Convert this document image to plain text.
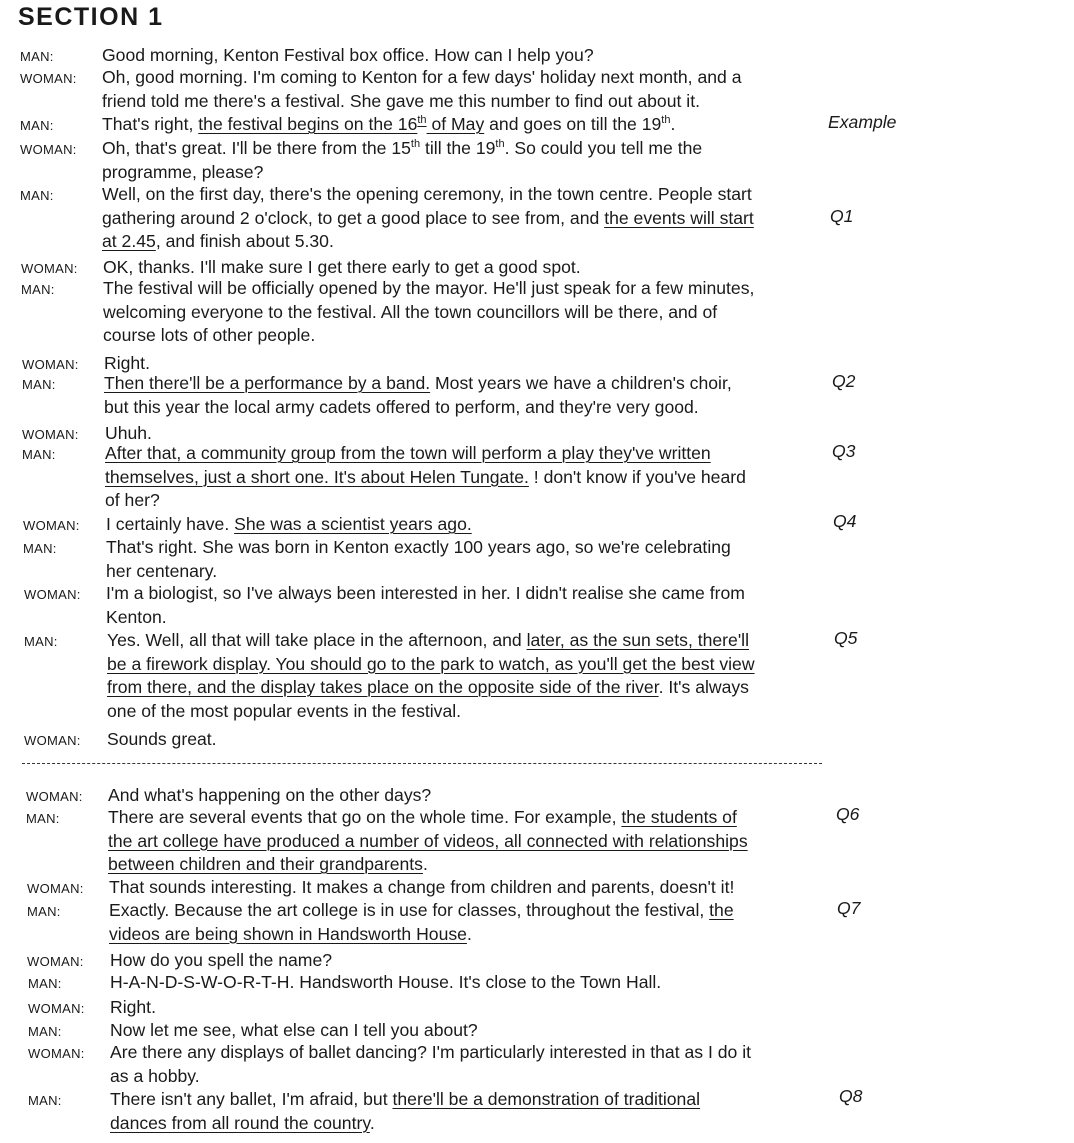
SECTION 1
MAN:	Good morning, Kenton Festival box office. How can I help you?
WOMAN: Oh, good morning. I'm coming to Kenton for a few days' holiday next month, and a
friend told me there's a festival. She gave me this number to find out about it.
MAN:	That's right, the festival begins on the 16th of May and goes on till the 19th.
WOMAN: Oh, that's great. I'll be there from the 15th till the 19th. So could you tell me the
programme, please?
MAN:	Well, on the first day, there's the opening ceremony, in the town centre. People start
gathering around 2 o'clock, to get a good place to see from, and the events will start
at 2.45, and finish about 5.30.
WOMAN: OK, thanks. I'll make sure I get there early to get a good spot.
MAN:	The festival will be officially opened by the mayor. He'll just speak for a few minutes,
welcoming everyone to the festival. All the town councillors will be there, and of
course lots of other people.
WOMAN: Right.
MAN:	Then there'll be a performance by a band. Most years we have a children's choir,
but this year the local army cadets offered to perform, and they're very good.
WOMAN: Uhuh.
MAN:	After that, a community group from the town will perform a play they've written
themselves, just a short one. It's about Helen Tungate. ! don't know if you've heard
of her?
WOMAN: I certainly have. She was a scientist years ago.
MAN:	That's right. She was born in Kenton exactly 100 years ago, so we're celebrating
her centenary.
WOMAN: I'm a biologist, so I've always been interested in her. I didn't realise she came from
Kenton.
MAN:	Yes. Well, all that will take place in the afternoon, and later, as the sun sets, there'll
be a firework display. You should go to the park to watch, as you'll get the best view
from there, and the display takes place on the opposite side of the river. It's always
one of the most popular events in the festival.
WOMAN: Sounds great.
WOMAN: And what's happening on the other days?
MAN:	There are several events that go on the whole time. For example, the students of
the art college have produced a number of videos, all connected with relationships
between children and their grandparents.
WOMAN: That sounds interesting. It makes a change from children and parents, doesn't it!
MAN:	Exactly. Because the art college is in use for classes, throughout the festival, the
videos are being shown in Handsworth House.
WOMAN: How do you spell the name?
MAN:	H-A-N-D-S-W-O-R-T-H. Handsworth House. It's close to the Town Hall.
WOMAN: Right.
MAN:	Now let me see, what else can I tell you about?
WOMAN: Are there any displays of ballet dancing? I'm particularly interested in that as I do it
as a hobby.
MAN:	There isn't any ballet, I'm afraid, but there'll be a demonstration of traditional
dances from all round the country.
Example
Q1
Q2
Q3
Q4
Q5
Q6
Q7
Q8
